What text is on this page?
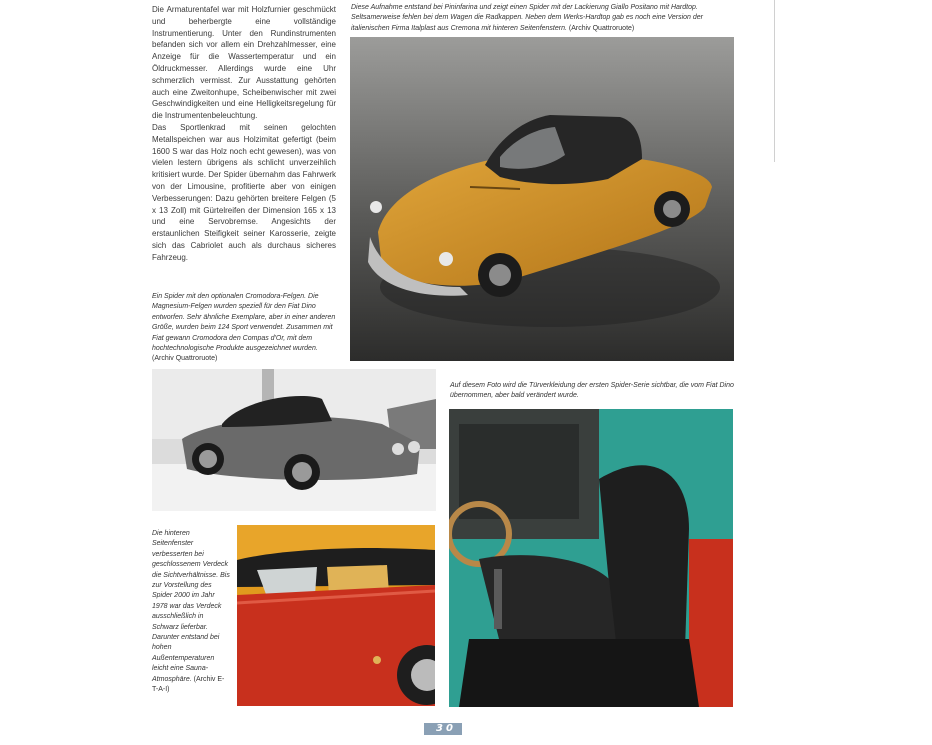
Die Armaturentafel war mit Holzfurnier geschmückt und beherbergte eine vollständige Instrumentierung. Unter den Rundinstrumenten befanden sich vor allem ein Drehzahlmesser, eine Anzeige für die Wassertemperatur und ein Öldruckmesser. Allerdings wurde eine Uhr schmerzlich vermisst. Zur Ausstattung gehörten auch eine Zweitonhupe, Scheibenwischer mit zwei Geschwindigkeiten und eine Helligkeitsregelung für die Instrumentenbeleuchtung.

Das Sportlenkrad mit seinen gelochten Metallspeichen war aus Holzimitat gefertigt (beim 1600 S war das Holz noch echt gewesen), was von vielen lestern übrigens als schlicht unverzeihlich kritisiert wurde. Der Spider übernahm das Fahrwerk von der Limousine, profitierte aber von einigen Verbesserungen: Dazu gehörten breitere Felgen (5 x 13 Zoll) mit Gürtelreifen der Dimension 165 x 13 und eine Servobremse. Angesichts der erstaunlichen Steifigkeit seiner Karosserie, zeigte sich das Cabriolet auch als durchaus sicheres Fahrzeug.

Diese Aufnahme entstand bei Pininfarina und zeigt einen Spider mit der Lackierung Giallo Positano mit Hardtop. Seltsamerweise fehlen bei dem Wagen die Radkappen. Neben dem Werks-Hardtop gab es noch eine Version der italienischen Firma Italplast aus Cremona mit hinteren Seitenfenstern. (Archiv Quattroruote)
Ein Spider mit den optionalen Cromodora-Felgen. Die Magnesium-Felgen wurden speziell für den Fiat Dino entworfen. Sehr ähnliche Exemplare, aber in einer anderen Größe, wurden beim 124 Sport verwendet. Zusammen mit Fiat gewann Cromodora den Compas d'Or, mit dem hochtechnologische Produkte ausgezeichnet wurden. (Archiv Quattroruote)
Auf diesem Foto wird die Türverkleidung der ersten Spider-Serie sichtbar, die vom Fiat Dino übernommen, aber bald verändert wurde.
Die hinteren Seitenfenster verbesserten bei geschlossenem Verdeck die Sichtverhältnisse. Bis zur Vorstellung des Spider 2000 im Jahr 1978 war das Verdeck ausschließlich in Schwarz lieferbar. Darunter entstand bei hohen Außentemperaturen leicht eine Sauna-Atmosphäre. (Archiv E-T-A-I)
30
